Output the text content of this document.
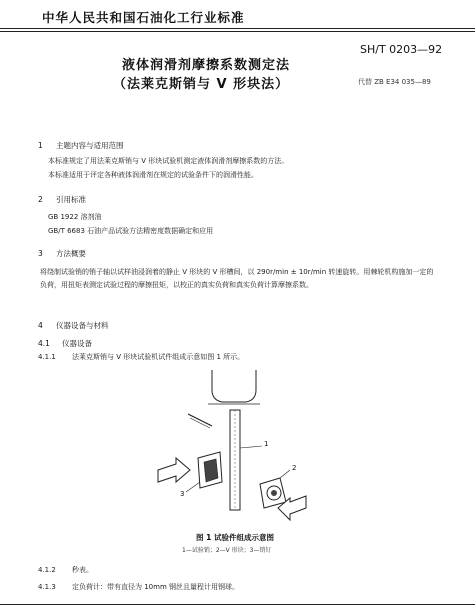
中华人民共和国石油化工行业标准
SH/T 0203—92
代替 ZB E34 035—89
液体润滑剂摩擦系数测定法
（法莱克斯销与 V 形块法）
1 主题内容与适用范围
本标准规定了用法莱克斯销与 V 形块试验机测定液体润滑剂摩擦系数的方法。
本标准适用于评定各种液体润滑剂在规定的试验条件下的润滑性能。
2 引用标准
GB 1922 溶剂油
GB/T 6683 石油产品试验方法精密度数据确定和应用
3 方法概要
将绕制试验销的销子轴以试样油浸润着的静止 V 形块的 V 形槽间，以 290r/min ± 10r/min 转速旋转。用棘轮机构施加一定的负荷，用扭矩表测定试验过程的摩擦扭矩，以校正的真实负荷和真实负荷计算摩擦系数。
4 仪器设备与材料
4.1 仪器设备
4.1.1 法莱克斯销与 V 形块试验机试件组成示意如图 1 所示。
1
2
3
图 1 试验件组成示意图
1—试验销；2—V 形块；3—销钉
4.1.2 秒表。
4.1.3 定负荷计：带有直径为 10mm 钢丝且量程计用钢球。
